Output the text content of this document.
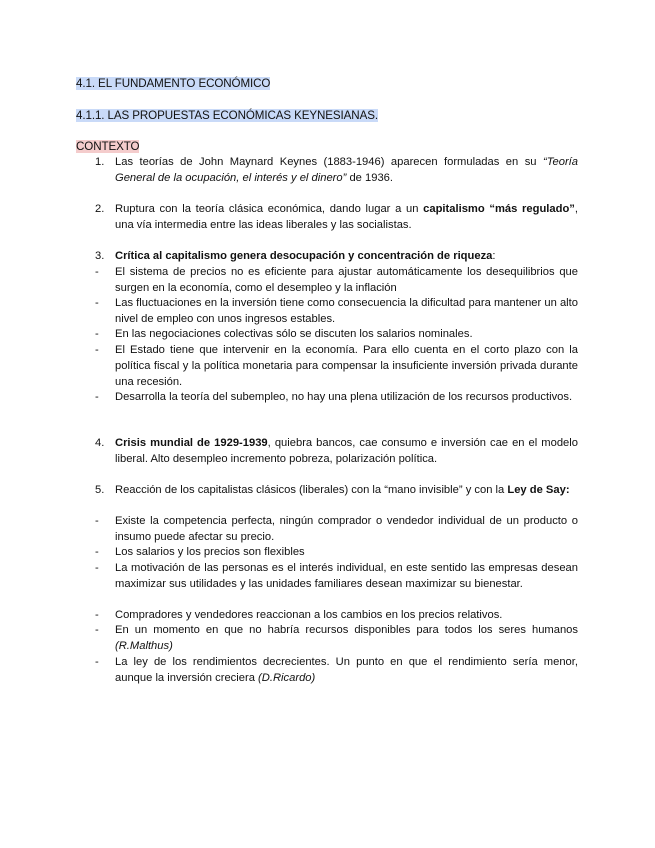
4.1. EL FUNDAMENTO ECONÓMICO
4.1.1. LAS PROPUESTAS ECONÓMICAS KEYNESIANAS.
CONTEXTO
1. Las teorías de John Maynard Keynes (1883-1946) aparecen formuladas en su “Teoría General de la ocupación, el interés y el dinero” de 1936.
2. Ruptura con la teoría clásica económica, dando lugar a un capitalismo “más regulado”, una vía intermedia entre las ideas liberales y las socialistas.
3. Crítica al capitalismo genera desocupación y concentración de riqueza:
- El sistema de precios no es eficiente para ajustar automáticamente los desequilibrios que surgen en la economía, como el desempleo y la inflación
- Las fluctuaciones en la inversión tiene como consecuencia la dificultad para mantener un alto nivel de empleo con unos ingresos estables.
- En las negociaciones colectivas sólo se discuten los salarios nominales.
- El Estado tiene que intervenir en la economía. Para ello cuenta en el corto plazo con la política fiscal y la política monetaria para compensar la insuficiente inversión privada durante una recesión.
- Desarrolla la teoría del subempleo, no hay una plena utilización de los recursos productivos.
4. Crisis mundial de 1929-1939, quiebra bancos, cae consumo e inversión cae en el modelo liberal. Alto desempleo incremento pobreza, polarización política.
5. Reacción de los capitalistas clásicos (liberales) con la “mano invisible” y con la Ley de Say:
- Existe la competencia perfecta, ningún comprador o vendedor individual de un producto o insumo puede afectar su precio.
- Los salarios y los precios son flexibles
- La motivación de las personas es el interés individual, en este sentido las empresas desean maximizar sus utilidades y las unidades familiares desean maximizar su bienestar.
- Compradores y vendedores reaccionan a los cambios en los precios relativos.
- En un momento en que no habría recursos disponibles para todos los seres humanos (R.Malthus)
- La ley de los rendimientos decrecientes. Un punto en que el rendimiento sería menor, aunque la inversión creciera (D.Ricardo)
